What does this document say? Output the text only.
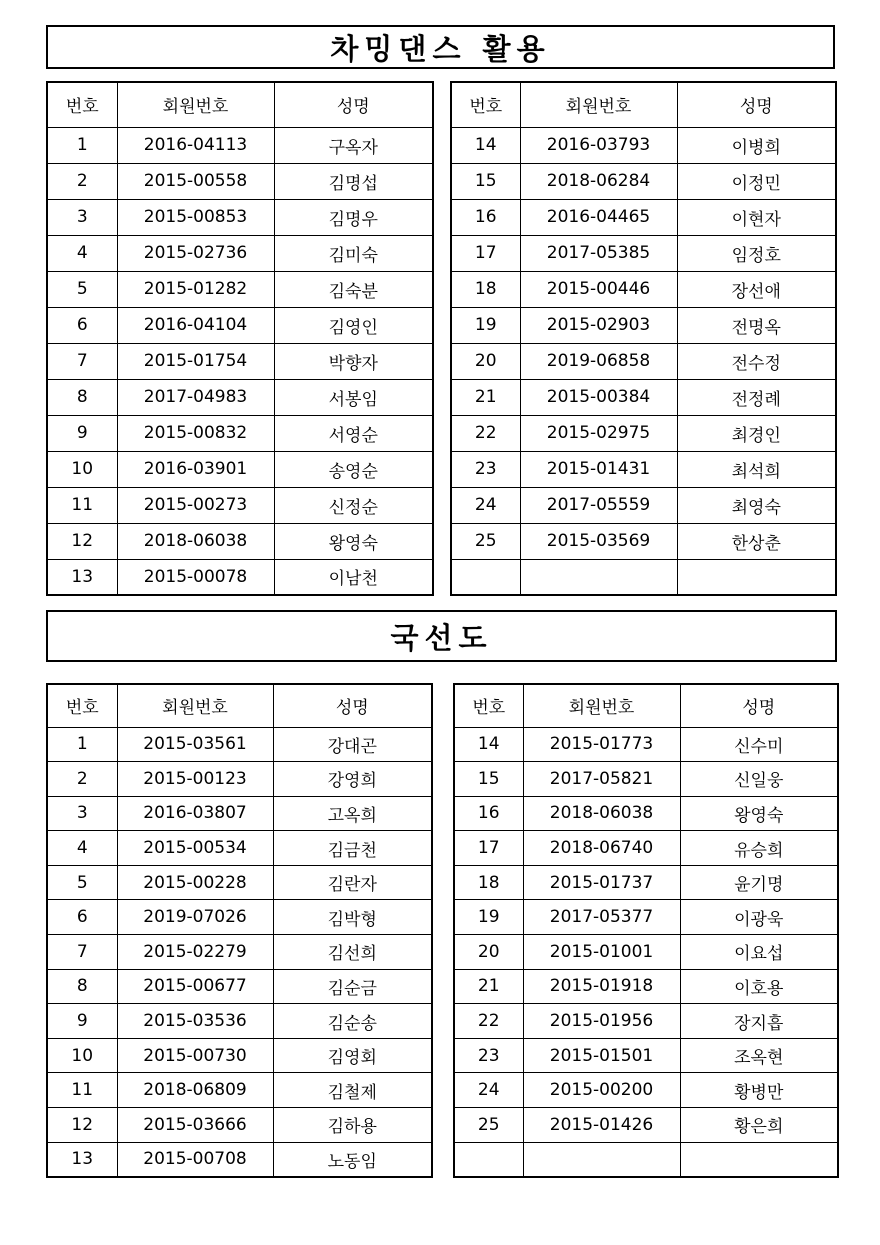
차밍댄스 활용
번호	회원번호	성명
1	2016-04113	구옥자
2	2015-00558	김명섭
3	2015-00853	김명우
4	2015-02736	김미숙
5	2015-01282	김숙분
6	2016-04104	김영인
7	2015-01754	박향자
8	2017-04983	서봉임
9	2015-00832	서영순
10	2016-03901	송영순
11	2015-00273	신정순
12	2018-06038	왕영숙
13	2015-00078	이남천
번호	회원번호	성명
14	2016-03793	이병희
15	2018-06284	이정민
16	2016-04465	이현자
17	2017-05385	임정호
18	2015-00446	장선애
19	2015-02903	전명옥
20	2019-06858	전수정
21	2015-00384	전정례
22	2015-02975	최경인
23	2015-01431	최석희
24	2017-05559	최영숙
25	2015-03569	한상춘

국선도
번호	회원번호	성명
1	2015-03561	강대곤
2	2015-00123	강영희
3	2016-03807	고옥희
4	2015-00534	김금천
5	2015-00228	김란자
6	2019-07026	김박형
7	2015-02279	김선희
8	2015-00677	김순금
9	2015-03536	김순송
10	2015-00730	김영회
11	2018-06809	김철제
12	2015-03666	김하용
13	2015-00708	노동임
번호	회원번호	성명
14	2015-01773	신수미
15	2017-05821	신일웅
16	2018-06038	왕영숙
17	2018-06740	유승희
18	2015-01737	윤기명
19	2017-05377	이광욱
20	2015-01001	이요섭
21	2015-01918	이호용
22	2015-01956	장지흡
23	2015-01501	조옥현
24	2015-00200	황병만
25	2015-01426	황은희
